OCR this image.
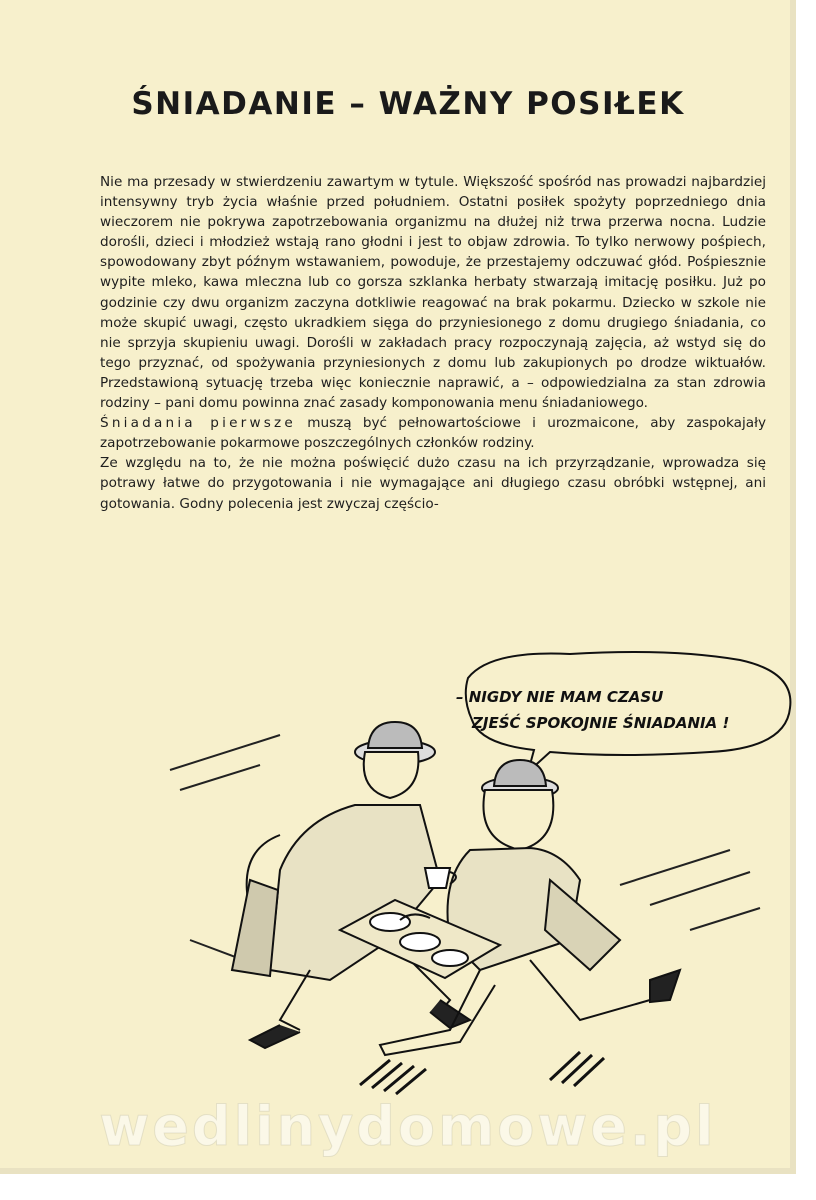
ŚNIADANIE – WAŻNY POSIŁEK

Nie ma przesady w stwierdzeniu zawartym w tytule. Większość spośród nas prowadzi najbardziej intensywny tryb życia właśnie przed południem. Ostatni posiłek spożyty poprzedniego dnia wieczorem nie pokrywa zapotrzebowania organizmu na dłużej niż trwa przerwa nocna. Ludzie dorośli, dzieci i młodzież wstają rano głodni i jest to objaw zdrowia. To tylko nerwowy pośpiech, spowodowany zbyt późnym wstawaniem, powoduje, że przestajemy odczuwać głód. Pośpiesznie wypite mleko, kawa mleczna lub co gorsza szklanka herbaty stwarzają imitację posiłku. Już po godzinie czy dwu organizm zaczyna dotkliwie reagować na brak pokarmu. Dziecko w szkole nie może skupić uwagi, często ukradkiem sięga do przyniesionego z domu drugiego śniadania, co nie sprzyja skupieniu uwagi. Dorośli w zakładach pracy rozpoczynają zajęcia, aż wstyd się do tego przyznać, od spożywania przyniesionych z domu lub zakupionych po drodze wiktuałów. Przedstawioną sytuację trzeba więc koniecznie naprawić, a – odpowiedzialna za stan zdrowia rodziny – pani domu powinna znać zasady komponowania menu śniadaniowego.

Śniadania pierwsze muszą być pełnowartościowe i urozmaicone, aby zaspokajały zapotrzebowanie pokarmowe poszczególnych członków rodziny.

Ze względu na to, że nie można poświęcić dużo czasu na ich przyrządzanie, wprowadza się potrawy łatwe do przygotowania i nie wymagające ani długiego czasu obróbki wstępnej, ani gotowania. Godny polecenia jest zwyczaj częścio-

– NIGDY NIE MAM CZASU
ZJEŚĆ SPOKOJNIE ŚNIADANIA !
wedlinydomowe.pl
